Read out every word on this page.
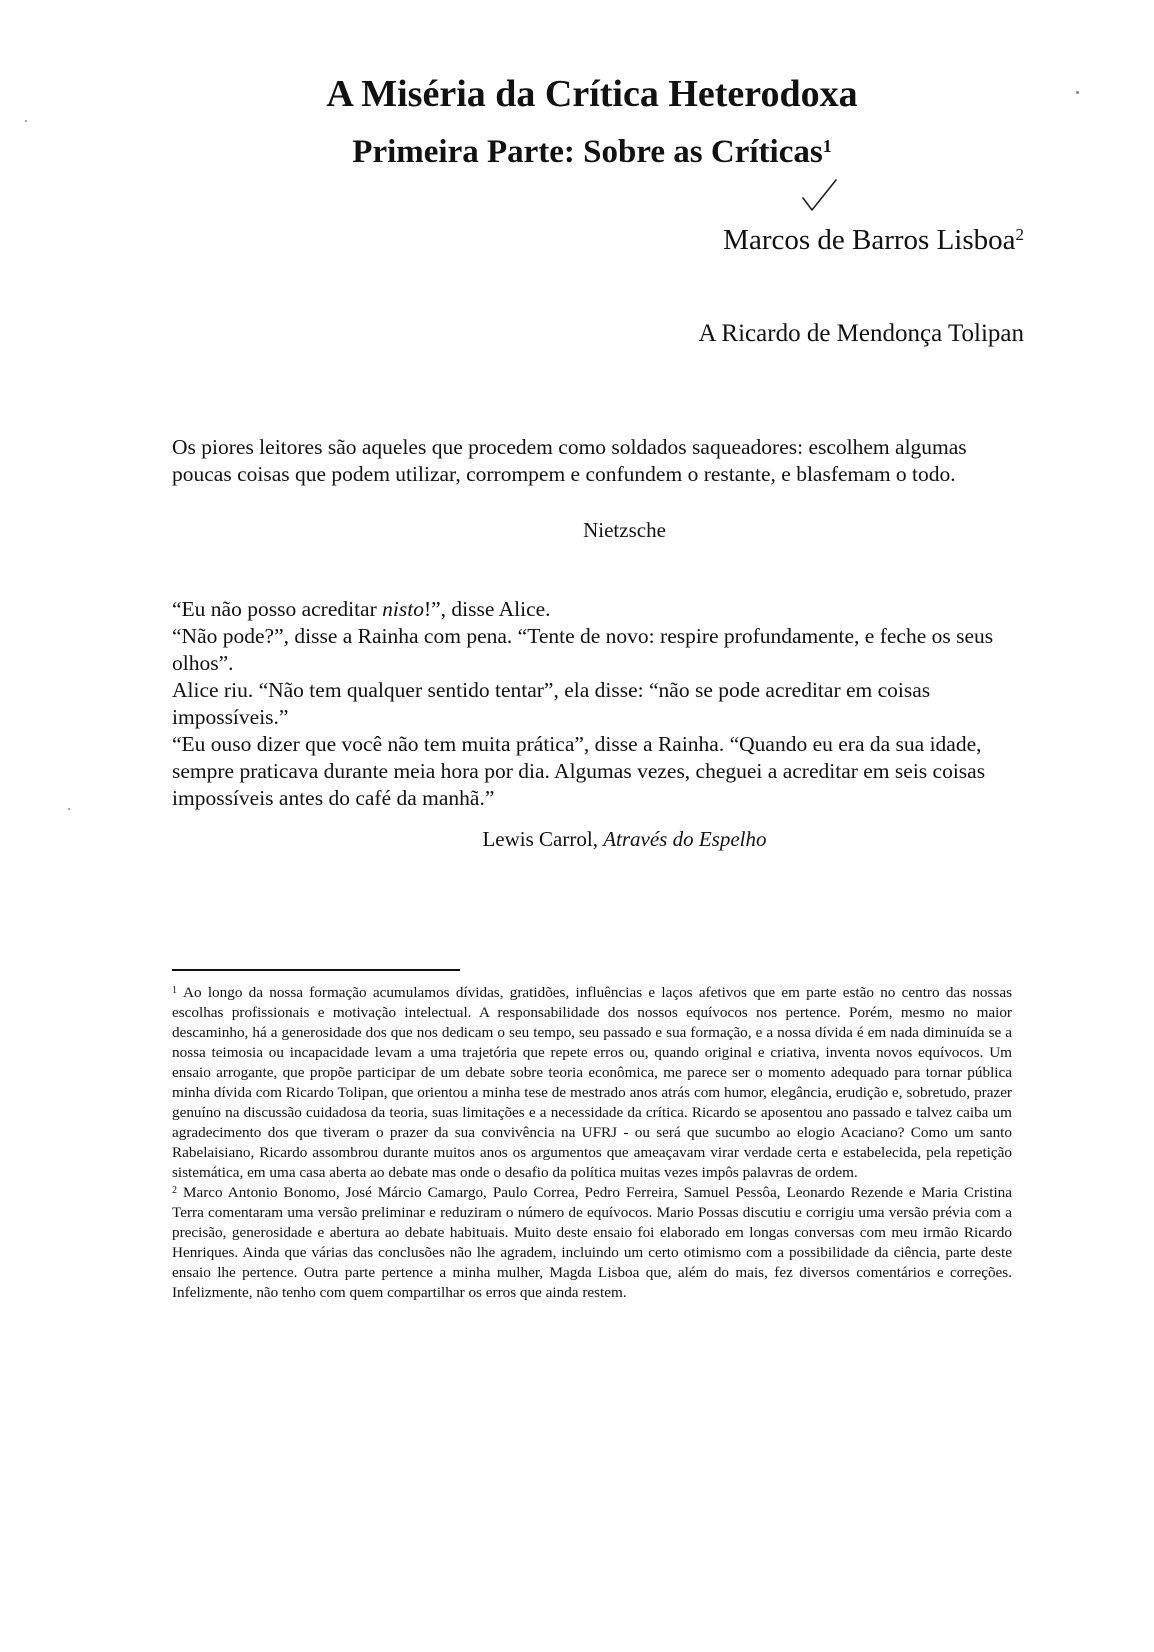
A Miséria da Crítica Heterodoxa
Primeira Parte: Sobre as Críticas$^1$
Marcos de Barros Lisboa$^2$
A Ricardo de Mendonça Tolipan

Os piores leitores são aqueles que procedem como soldados saqueadores: escolhem algumas poucas coisas que podem utilizar, corrompem e confundem o restante, e blasfemam o todo.

Nietzsche

“Eu não posso acreditar nisto!”, disse Alice.

“Não pode?”, disse a Rainha com pena. “Tente de novo: respire profundamente, e feche os seus olhos”.

Alice riu. “Não tem qualquer sentido tentar”, ela disse: “não se pode acreditar em coisas impossíveis.”

“Eu ouso dizer que você não tem muita prática”, disse a Rainha. “Quando eu era da sua idade, sempre praticava durante meia hora por dia. Algumas vezes, cheguei a acreditar em seis coisas impossíveis antes do café da manhã.”

Lewis Carrol, Através do Espelho

$^1$ Ao longo da nossa formação acumulamos dívidas, gratidões, influências e laços afetivos que em parte estão no centro das nossas escolhas profissionais e motivação intelectual. A responsabilidade dos nossos equívocos nos pertence. Porém, mesmo no maior descaminho, há a generosidade dos que nos dedicam o seu tempo, seu passado e sua formação, e a nossa dívida é em nada diminuída se a nossa teimosia ou incapacidade levam a uma trajetória que repete erros ou, quando original e criativa, inventa novos equívocos. Um ensaio arrogante, que propõe participar de um debate sobre teoria econômica, me parece ser o momento adequado para tornar pública minha dívida com Ricardo Tolipan, que orientou a minha tese de mestrado anos atrás com humor, elegância, erudição e, sobretudo, prazer genuíno na discussão cuidadosa da teoria, suas limitações e a necessidade da crítica. Ricardo se aposentou ano passado e talvez caiba um agradecimento dos que tiveram o prazer da sua convivência na UFRJ - ou será que sucumbo ao elogio Acaciano? Como um santo Rabelaisiano, Ricardo assombrou durante muitos anos os argumentos que ameaçavam virar verdade certa e estabelecida, pela repetição sistemática, em uma casa aberta ao debate mas onde o desafio da política muitas vezes impôs palavras de ordem.

$^2$ Marco Antonio Bonomo, José Márcio Camargo, Paulo Correa, Pedro Ferreira, Samuel Pessôa, Leonardo Rezende e Maria Cristina Terra comentaram uma versão preliminar e reduziram o número de equívocos. Mario Possas discutiu e corrigiu uma versão prévia com a precisão, generosidade e abertura ao debate habituais. Muito deste ensaio foi elaborado em longas conversas com meu irmão Ricardo Henriques. Ainda que várias das conclusões não lhe agradem, incluindo um certo otimismo com a possibilidade da ciência, parte deste ensaio lhe pertence. Outra parte pertence a minha mulher, Magda Lisboa que, além do mais, fez diversos comentários e correções. Infelizmente, não tenho com quem compartilhar os erros que ainda restem.
